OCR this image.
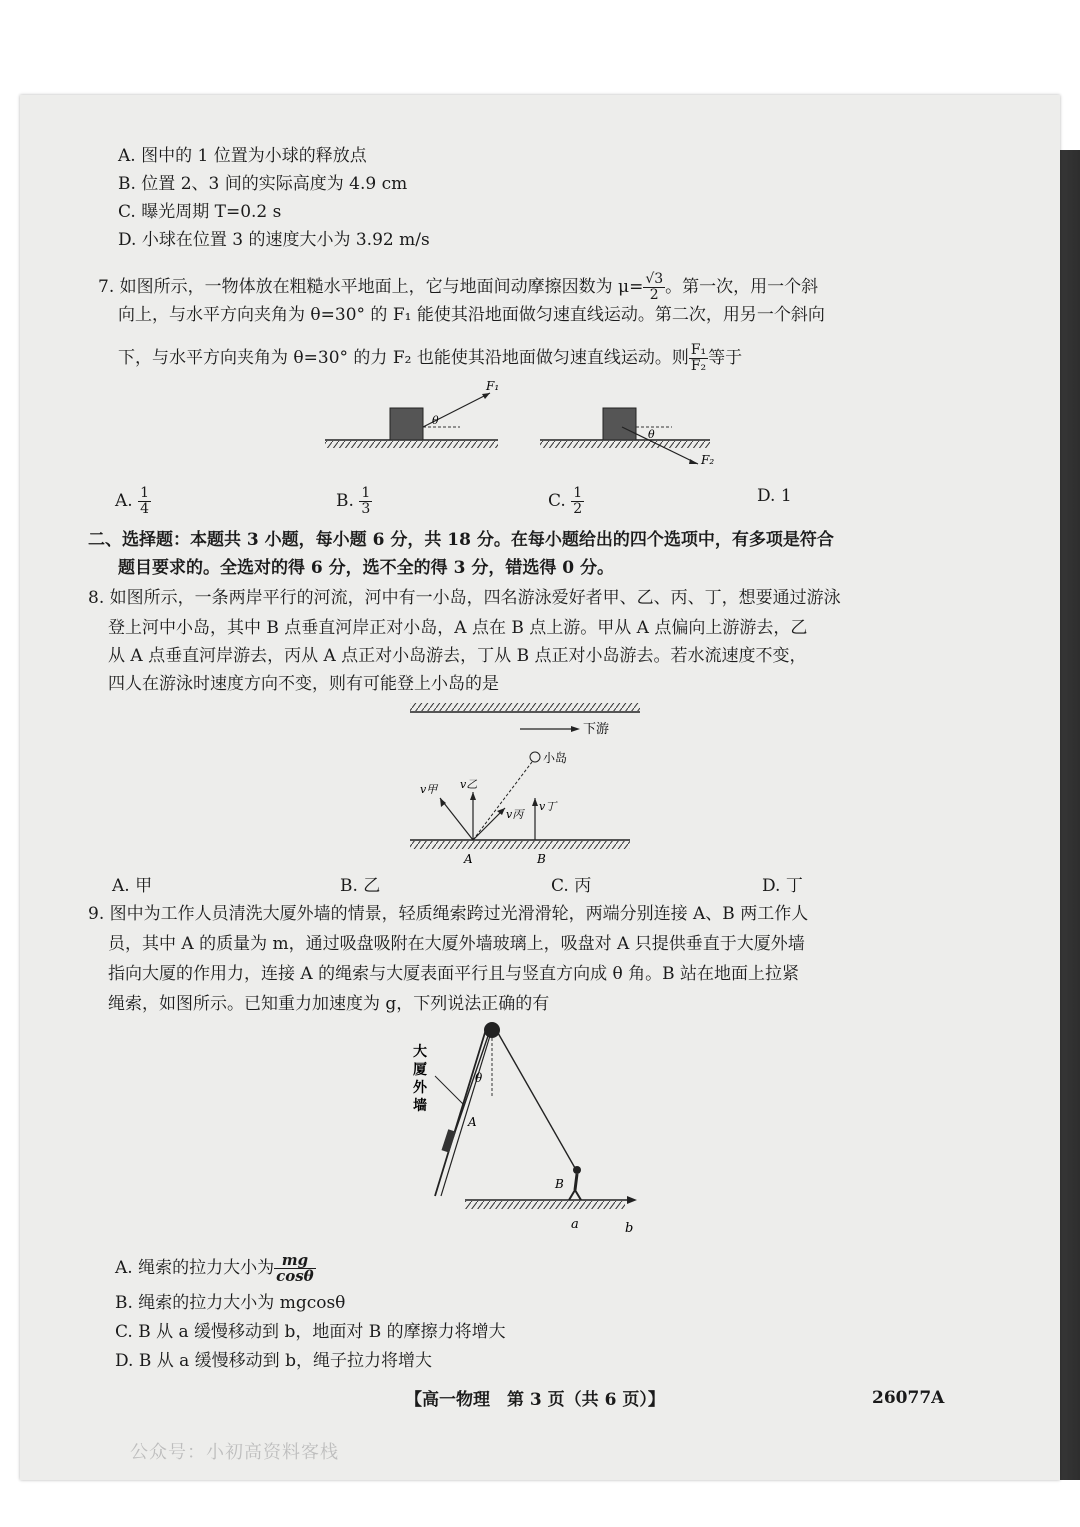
A. 图中的 1 位置为小球的释放点
B. 位置 2、3 间的实际高度为 4.9 cm
C. 曝光周期 T=0.2 s
D. 小球在位置 3 的速度大小为 3.92 m/s
7. 如图所示，一物体放在粗糙水平地面上，它与地面间动摩擦因数为 $\mu= \frac{√3}{2}$ 。第一次，用一个斜
向上，与水平方向夹角为 θ=30° 的 F₁ 能使其沿地面做匀速直线运动。第二次，用另一个斜向
下，与水平方向夹角为 θ=30° 的力 F₂ 也能使其沿地面做匀速直线运动。则 $\frac{\text{F₁}}{\text{F₂}}$ 等于
F₁
θ
F₂
θ
A. $\frac{1}{4}$	B. $\frac{1}{3}$	C. $\frac{1}{2}$	D. 1
二、选择题：本题共 3 小题，每小题 6 分，共 18 分。在每小题给出的四个选项中，有多项是符合
题目要求的。全选对的得 6 分，选不全的得 3 分，错选得 0 分。
8. 如图所示，一条两岸平行的河流，河中有一小岛，四名游泳爱好者甲、乙、丙、丁，想要通过游泳
登上河中小岛，其中 B 点垂直河岸正对小岛，A 点在 B 点上游。甲从 A 点偏向上游游去，乙
从 A 点垂直河岸游去，丙从 A 点正对小岛游去，丁从 B 点正对小岛游去。若水流速度不变，
四人在游泳时速度方向不变，则有可能登上小岛的是
下游
小岛
v甲 v乙
v丙
v丁
A	B
A. 甲	B. 乙	C. 丙	D. 丁
9. 图中为工作人员清洗大厦外墙的情景，轻质绳索跨过光滑滑轮，两端分别连接 A、B 两工作人
员，其中 A 的质量为 m，通过吸盘吸附在大厦外墙玻璃上，吸盘对 A 只提供垂直于大厦外墙
指向大厦的作用力，连接 A 的绳索与大厦表面平行且与竖直方向成 θ 角。B 站在地面上拉紧
绳索，如图所示。已知重力加速度为 g，下列说法正确的有
θ
大
厦
外
墙
A
B
a	b
A. 绳索的拉力大小为 $\frac{mg}{\cos\theta}$
B. 绳索的拉力大小为 mgcosθ
C. B 从 a 缓慢移动到 b，地面对 B 的摩擦力将增大
D. B 从 a 缓慢移动到 b，绳子拉力将增大
【高一物理　第 3 页（共 6 页）】	26077A
公众号：小初高资料客栈
